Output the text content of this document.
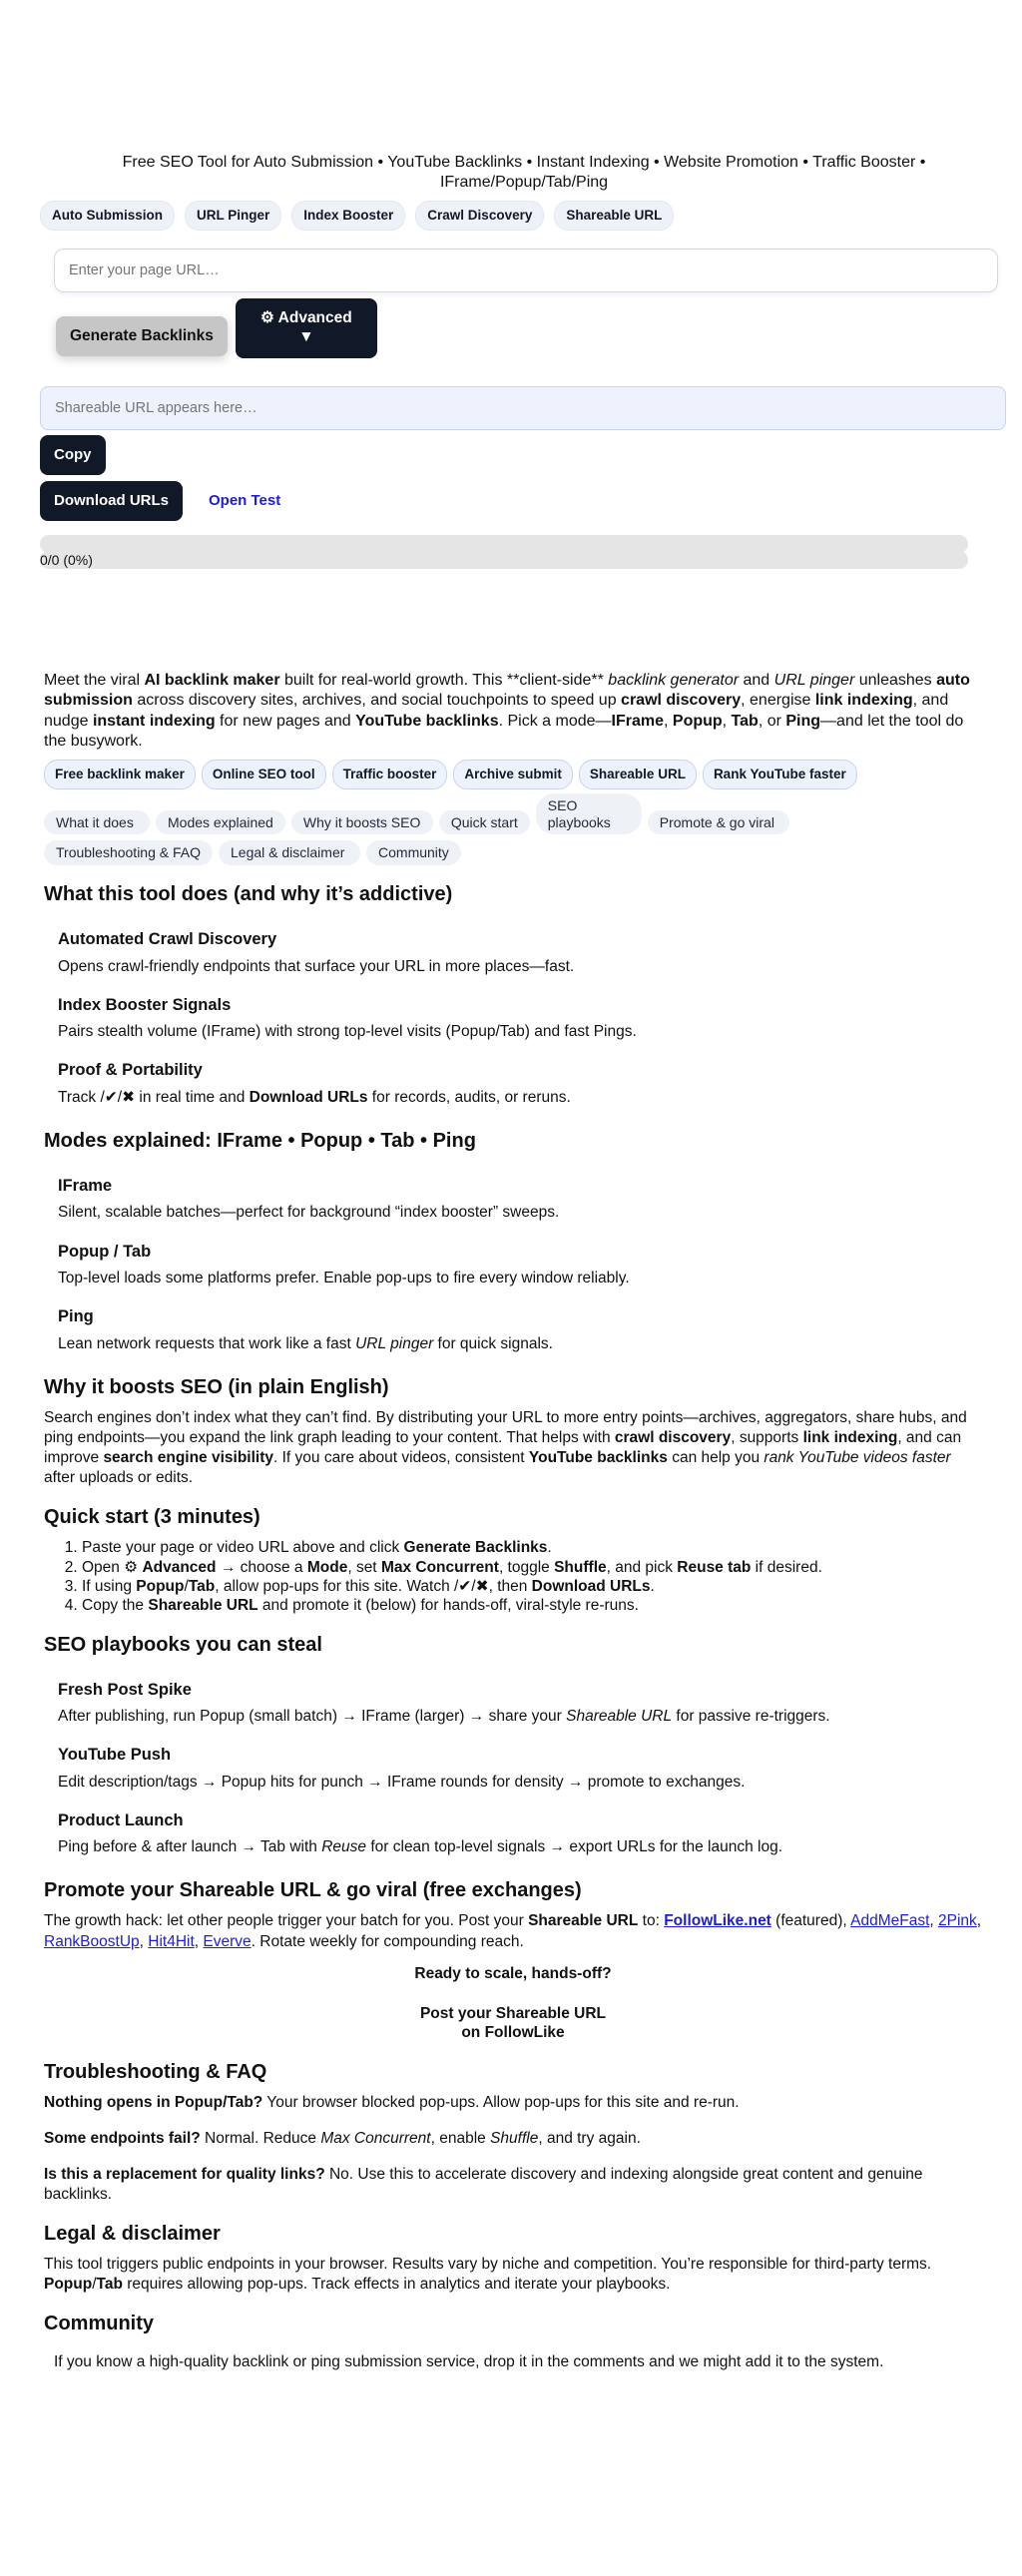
Free SEO Tool for Auto Submission • YouTube Backlinks • Instant Indexing • Website Promotion • Traffic Booster • IFrame/Popup/Tab/Ping
Auto Submission	URL Pinger	Index Booster	Crawl Discovery	Shareable URL
Enter your page URL…
Generate Backlinks
⚙ Advanced
▼
Shareable URL appears here… Copy
Download URLs	Open Test

Meet the viral AI backlink maker built for real-world growth. This **client-side** backlink generator and URL pinger unleashes auto submission across discovery sites, archives, and social touchpoints to speed up crawl discovery, energise link indexing, and nudge instant indexing for new pages and YouTube backlinks. Pick a mode—IFrame, Popup, Tab, or Ping—and let the tool do the busywork.

Free backlink maker	Online SEO tool	Traffic booster	Archive submit	Shareable URL	Rank YouTube faster
What it does	Modes explained	Why it boosts SEO	Quick start
SEO playbooks	Promote & go viral
Troubleshooting & FAQ	Legal & disclaimer	Community
What this tool does (and why it’s addictive)
Automated Crawl Discovery

Opens crawl-friendly endpoints that surface your URL in more places—fast.

Index Booster Signals

Pairs stealth volume (IFrame) with strong top-level visits (Popup/Tab) and fast Pings.

Proof & Portability

Track /✔/✖ in real time and Download URLs for records, audits, or reruns.

Modes explained: IFrame • Popup • Tab • Ping
IFrame

Silent, scalable batches—perfect for background “index booster” sweeps.

Popup / Tab

Top-level loads some platforms prefer. Enable pop-ups to fire every window reliably.

Ping

Lean network requests that work like a fast URL pinger for quick signals.

Why it boosts SEO (in plain English)

Search engines don’t index what they can’t find. By distributing your URL to more entry points—archives, aggregators, share hubs, and ping endpoints—you expand the link graph leading to your content. That helps with crawl discovery, supports link indexing, and can improve search engine visibility. If you care about videos, consistent YouTube backlinks can help you rank YouTube videos faster after uploads or edits.

Quick start (3 minutes)
1. Paste your page or video URL above and click Generate Backlinks.
2. Open ⚙ Advanced → choose a Mode, set Max Concurrent, toggle Shuffle, and pick Reuse tab if desired.
3. If using Popup/Tab, allow pop-ups for this site. Watch /✔/✖, then Download URLs.
4. Copy the Shareable URL and promote it (below) for hands-off, viral-style re-runs.
SEO playbooks you can steal
Fresh Post Spike

After publishing, run Popup (small batch) → IFrame (larger) → share your Shareable URL for passive re-triggers.

YouTube Push

Edit description/tags → Popup hits for punch → IFrame rounds for density → promote to exchanges.

Product Launch

Ping before & after launch → Tab with Reuse for clean top-level signals → export URLs for the launch log.

Promote your Shareable URL & go viral (free exchanges)

The growth hack: let other people trigger your batch for you. Post your Shareable URL to: FollowLike.net (featured), AddMeFast, 2Pink, RankBoostUp, Hit4Hit, Everve. Rotate weekly for compounding reach.

Ready to scale, hands-off?
Post your Shareable URL on FollowLike
Troubleshooting & FAQ

Nothing opens in Popup/Tab? Your browser blocked pop-ups. Allow pop-ups for this site and re-run.

Some endpoints fail? Normal. Reduce Max Concurrent, enable Shuffle, and try again.

Is this a replacement for quality links? No. Use this to accelerate discovery and indexing alongside great content and genuine backlinks.

Legal & disclaimer

This tool triggers public endpoints in your browser. Results vary by niche and competition. You’re responsible for third-party terms. Popup/Tab requires allowing pop-ups. Track effects in analytics and iterate your playbooks.

Community

If you know a high-quality backlink or ping submission service, drop it in the comments and we might add it to the system.
